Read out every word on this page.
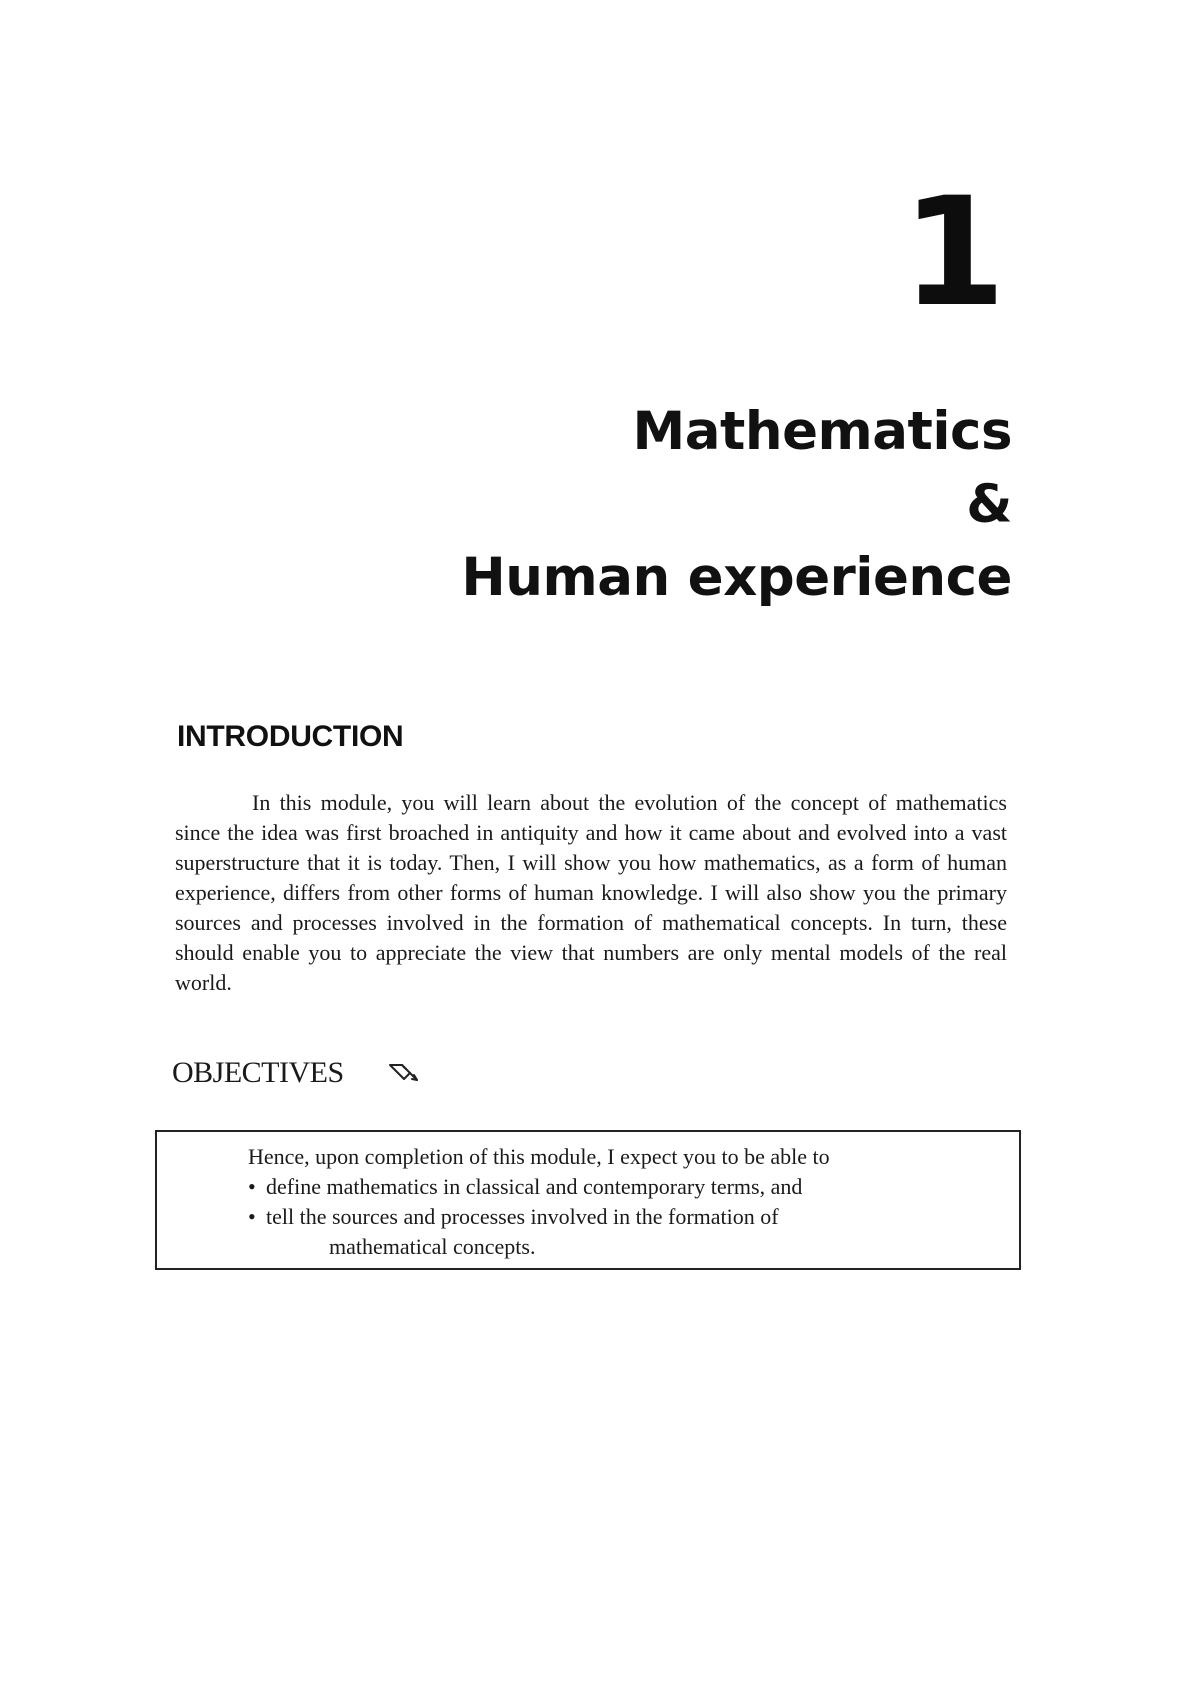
1
Mathematics
&
Human experience
INTRODUCTION

In this module, you will learn about the evolution of the concept of mathematics since the idea was first broached in antiquity and how it came about and evolved into a vast superstructure that it is today. Then, I will show you how mathematics, as a form of human experience, differs from other forms of human knowledge. I will also show you the primary sources and processes involved in the formation of mathematical concepts. In turn, these should enable you to appreciate the view that numbers are only mental models of the real world.

OBJECTIVES

Hence, upon completion of this module, I expect you to be able to

• define mathematics in classical and contemporary terms, and
• tell the sources and processes involved in the formation of
mathematical concepts.
